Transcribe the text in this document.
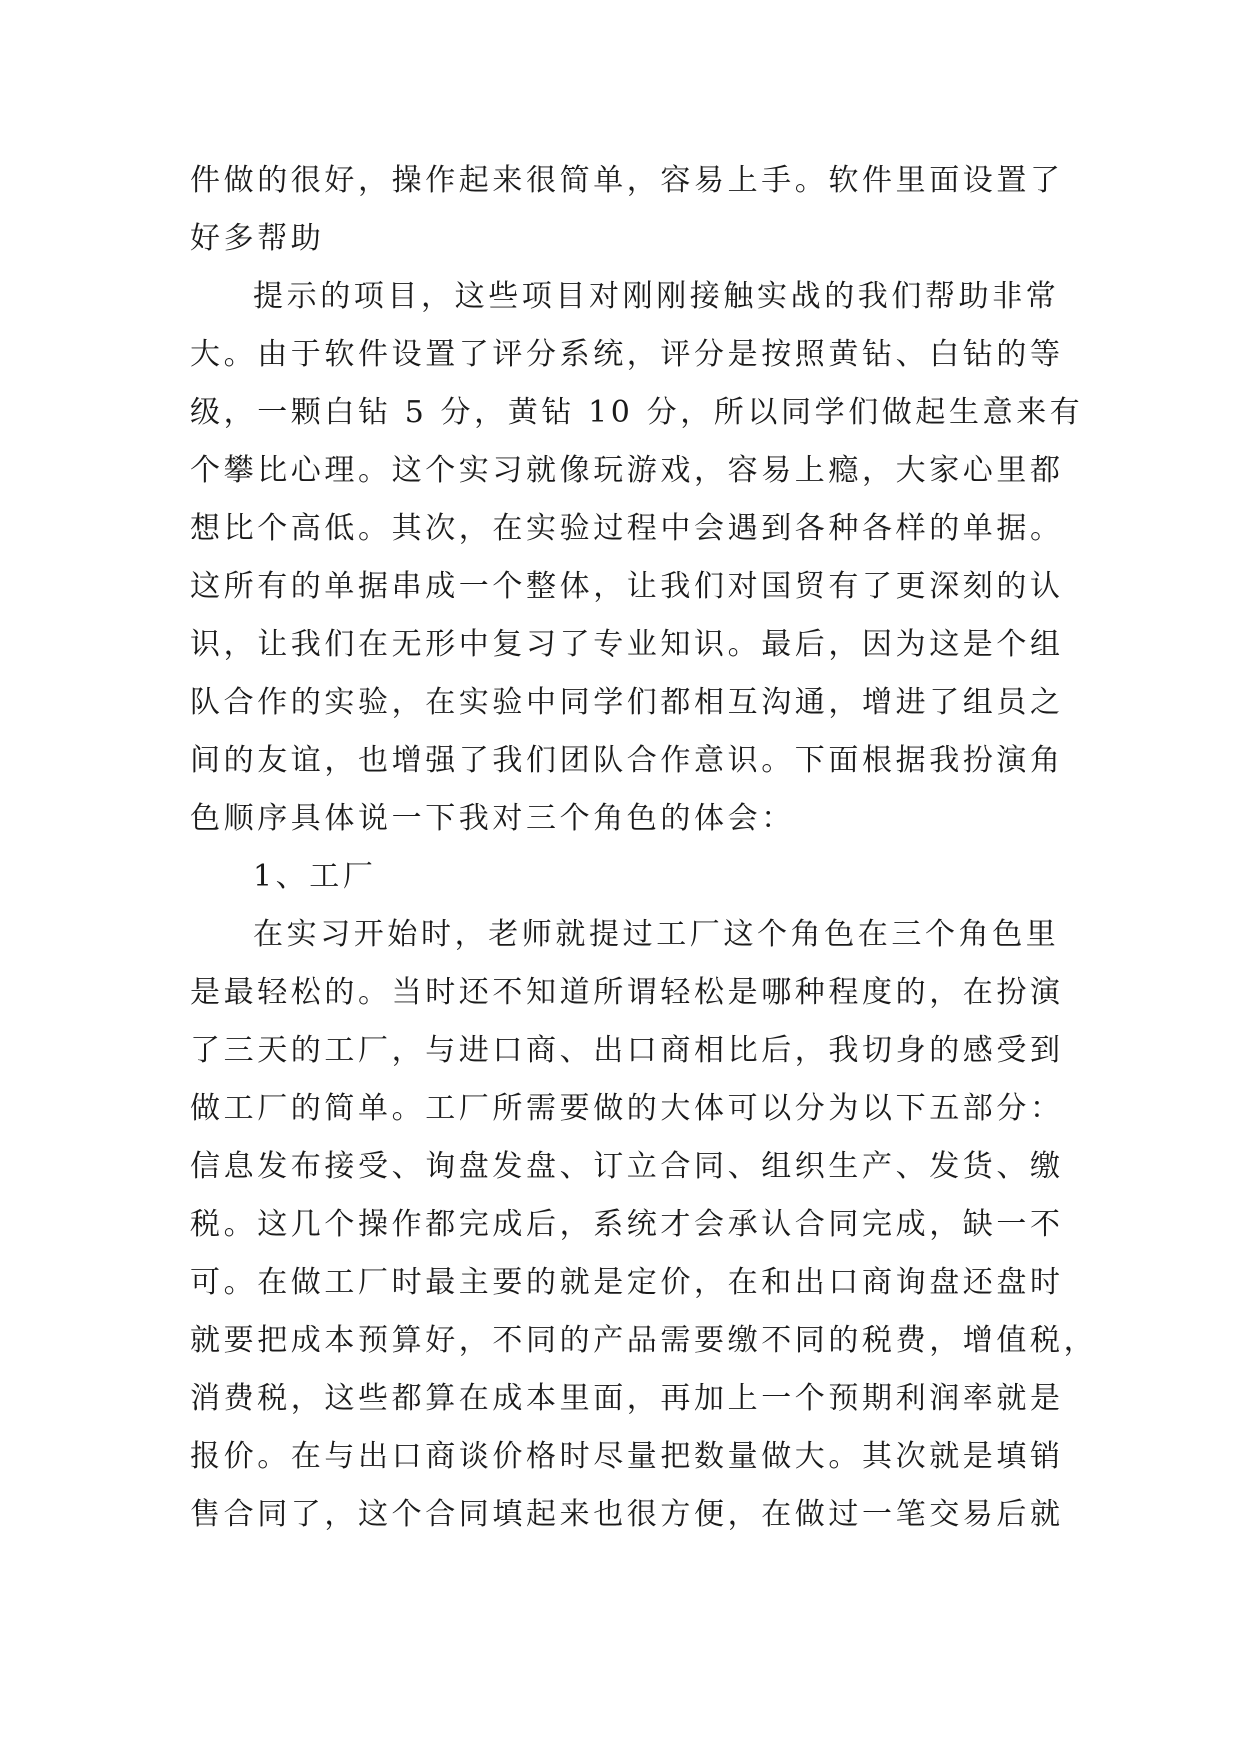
件做的很好，操作起来很简单，容易上手。软件里面设置了
好多帮助
提示的项目，这些项目对刚刚接触实战的我们帮助非常
大。由于软件设置了评分系统，评分是按照黄钻、白钻的等
级，一颗白钻 5 分，黄钻 10 分，所以同学们做起生意来有
个攀比心理。这个实习就像玩游戏，容易上瘾，大家心里都
想比个高低。其次，在实验过程中会遇到各种各样的单据。
这所有的单据串成一个整体，让我们对国贸有了更深刻的认
识，让我们在无形中复习了专业知识。最后，因为这是个组
队合作的实验，在实验中同学们都相互沟通，增进了组员之
间的友谊，也增强了我们团队合作意识。下面根据我扮演角
色顺序具体说一下我对三个角色的体会：
1、工厂
在实习开始时，老师就提过工厂这个角色在三个角色里
是最轻松的。当时还不知道所谓轻松是哪种程度的，在扮演
了三天的工厂，与进口商、出口商相比后，我切身的感受到
做工厂的简单。工厂所需要做的大体可以分为以下五部分：
信息发布接受、询盘发盘、订立合同、组织生产、发货、缴
税。这几个操作都完成后，系统才会承认合同完成，缺一不
可。在做工厂时最主要的就是定价，在和出口商询盘还盘时
就要把成本预算好，不同的产品需要缴不同的税费，增值税，
消费税，这些都算在成本里面，再加上一个预期利润率就是
报价。在与出口商谈价格时尽量把数量做大。其次就是填销
售合同了，这个合同填起来也很方便，在做过一笔交易后就
